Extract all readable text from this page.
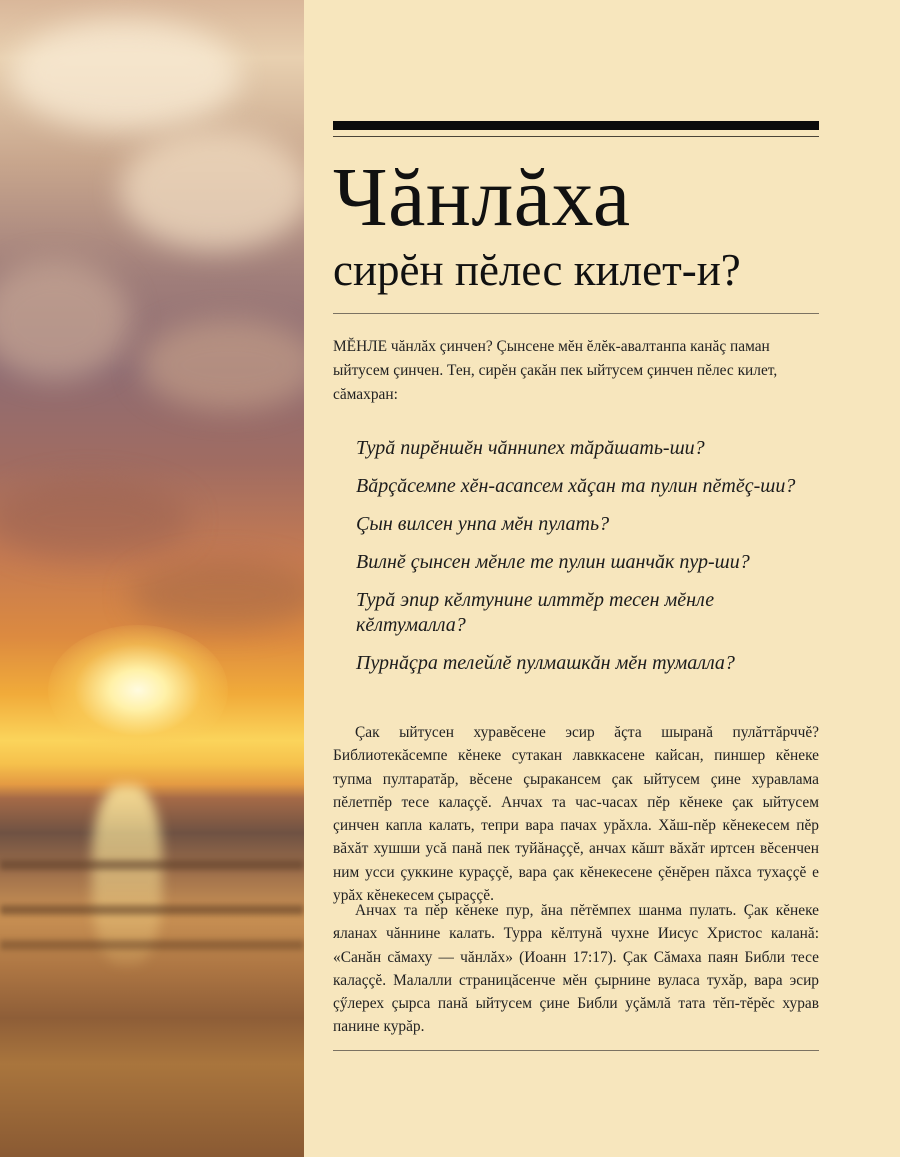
Чăнлăха
сирĕн пĕлес килет-и?

МĔНЛЕ чăнлăх çинчен? Çынсене мĕн ĕлĕк-авалтанпа канăç паман ыйтусем çинчен. Тен, сирĕн çакăн пек ыйтусем çинчен пĕлес килет, сăмахран:

Турă пирĕншĕн чăннипех тăрăшать-ши?
Вăрçăсемпе хĕн-асапсем хăçан та пулин пĕтĕç-ши?
Çын вилсен унпа мĕн пулать?
Вилнĕ çынсен мĕнле те пулин шанчăк пур-ши?
Турă эпир кĕлтунине илттĕр тесен мĕнле кĕлтумалла?
Пурнăçра телейлĕ пулмашкăн мĕн тумалла?

Çак ыйтусен хуравĕсене эсир ăçта шыранă пулăттăрччĕ? Библиотекăсемпе кĕнеке сутакан лавккасене кайсан, пиншер кĕнеке тупма пултаратăр, вĕсене çыракансем çак ыйтусем çине хуравлама пĕлетпĕр тесе калаççĕ. Анчах та час-часах пĕр кĕнеке çак ыйтусем çинчен капла калать, тепри вара пачах урăхла. Хăш-пĕр кĕнекесем пĕр вăхăт хушши усă панă пек туйăнаççĕ, анчах кăшт вăхăт иртсен вĕсенчен ним усси çуккине кураççĕ, вара çак кĕнекесене çĕнĕрен пăхса тухаççĕ е урăх кĕнекесем çыраççĕ.

Анчах та пĕр кĕнеке пур, ăна пĕтĕмпех шанма пулать. Çак кĕнеке яланах чăннине калать. Турра кĕлтунă чухне Иисус Христос каланă: «Санăн сăмаху — чăнлăх» (Иоанн 17:17). Çак Сăмаха паян Библи тесе калаççĕ. Малалли страницăсенче мĕн çырнине вуласа тухăр, вара эсир çӳлерех çырса панă ыйтусем çине Библи уçăмлă тата тĕп-тĕрĕс хурав панине курăр.
